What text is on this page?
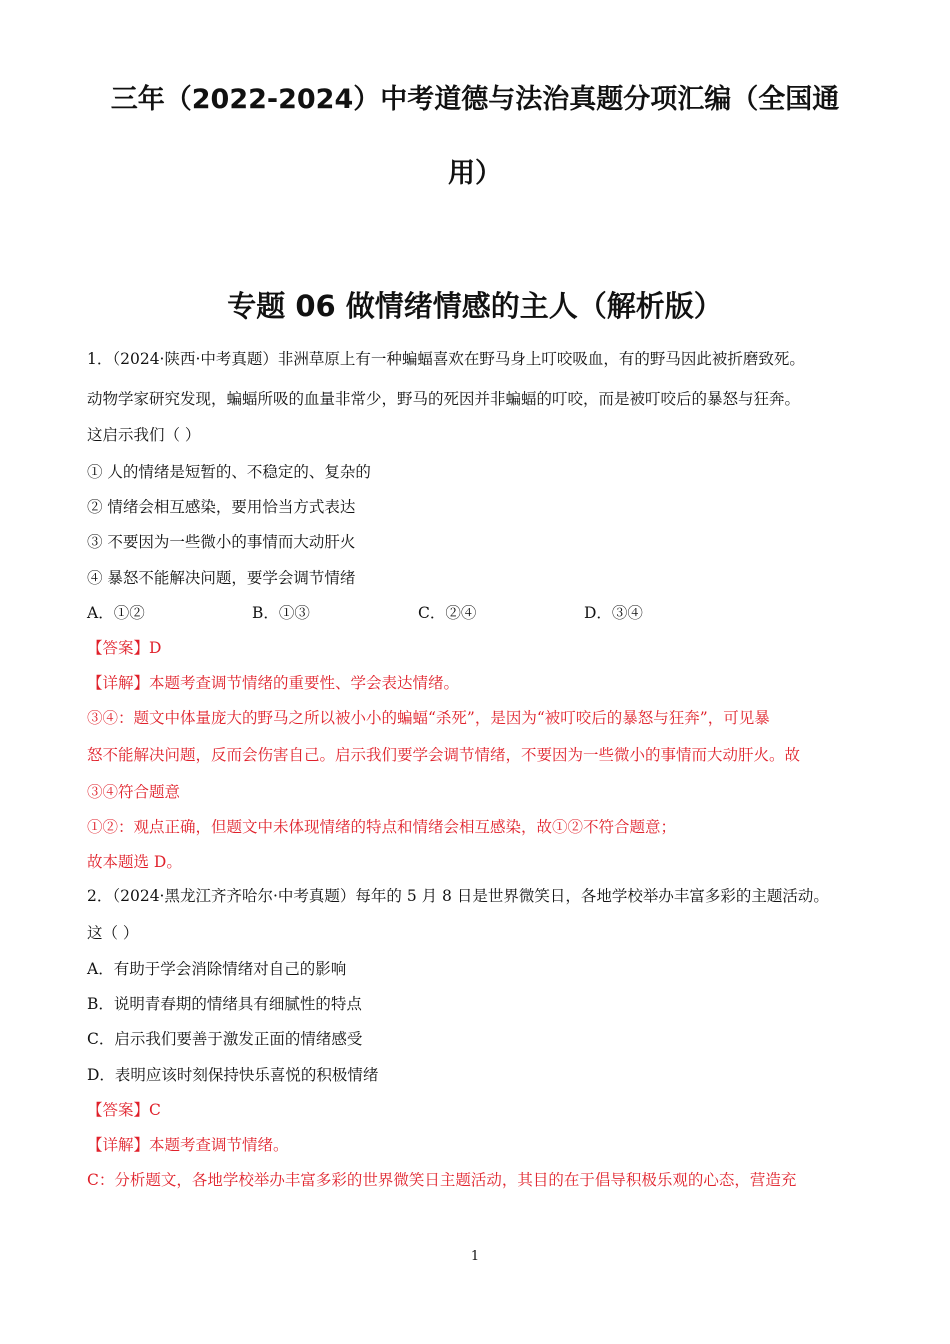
三年（2022-2024）中考道德与法治真题分项汇编（全国通
用）
专题 06 做情绪情感的主人（解析版）
1．（2024·陕西·中考真题）非洲草原上有一种蝙蝠喜欢在野马身上叮咬吸血，有的野马因此被折磨致死。
动物学家研究发现，蝙蝠所吸的血量非常少，野马的死因并非蝙蝠的叮咬，而是被叮咬后的暴怒与狂奔。
这启示我们（ ）
① 人的情绪是短暂的、不稳定的、复杂的
② 情绪会相互感染，要用恰当方式表达
③ 不要因为一些微小的事情而大动肝火
④ 暴怒不能解决问题，要学会调节情绪
A．①②	B．①③	C．②④	D．③④
【答案】D
【详解】本题考查调节情绪的重要性、学会表达情绪。
③④：题文中体量庞大的野马之所以被小小的蝙蝠“杀死”，是因为“被叮咬后的暴怒与狂奔”，可见暴
怒不能解决问题，反而会伤害自己。启示我们要学会调节情绪，不要因为一些微小的事情而大动肝火。故
③④符合题意
①②：观点正确，但题文中未体现情绪的特点和情绪会相互感染，故①②不符合题意；
故本题选 D。
2．（2024·黑龙江齐齐哈尔·中考真题）每年的 5 月 8 日是世界微笑日，各地学校举办丰富多彩的主题活动。
这（ ）
A．有助于学会消除情绪对自己的影响
B．说明青春期的情绪具有细腻性的特点
C．启示我们要善于激发正面的情绪感受
D．表明应该时刻保持快乐喜悦的积极情绪
【答案】C
【详解】本题考查调节情绪。
C：分析题文，各地学校举办丰富多彩的世界微笑日主题活动，其目的在于倡导积极乐观的心态，营造充
1
